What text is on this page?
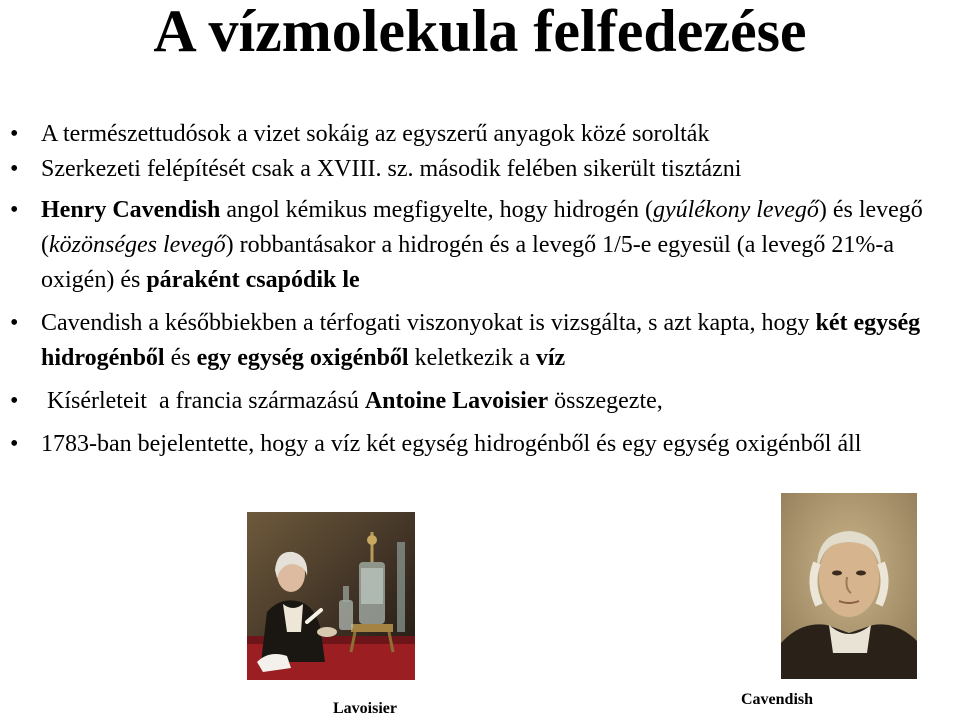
A vízmolekula felfedezése
• A természettudósok a vizet sokáig az egyszerű anyagok közé sorolták

• Szerkezeti felépítését csak a XVIII. sz. második felében sikerült tisztázni

• Henry Cavendish angol kémikus megfigyelte, hogy hidrogén (gyúlékony levegő) és levegő (közönséges levegő) robbantásakor a hidrogén és a levegő 1/5-e egyesül (a levegő 21%-a oxigén) és páraként csapódik le

• Cavendish a későbbiekben a térfogati viszonyokat is vizsgálta, s azt kapta, hogy két egység hidrogénből és egy egység oxigénből keletkezik a víz

• Kísérleteit  a francia származású Antoine Lavoisier összegezte,

• 1783-ban bejelentette, hogy a víz két egység hidrogénből és egy egység oxigénből áll

Lavoisier
Cavendish
